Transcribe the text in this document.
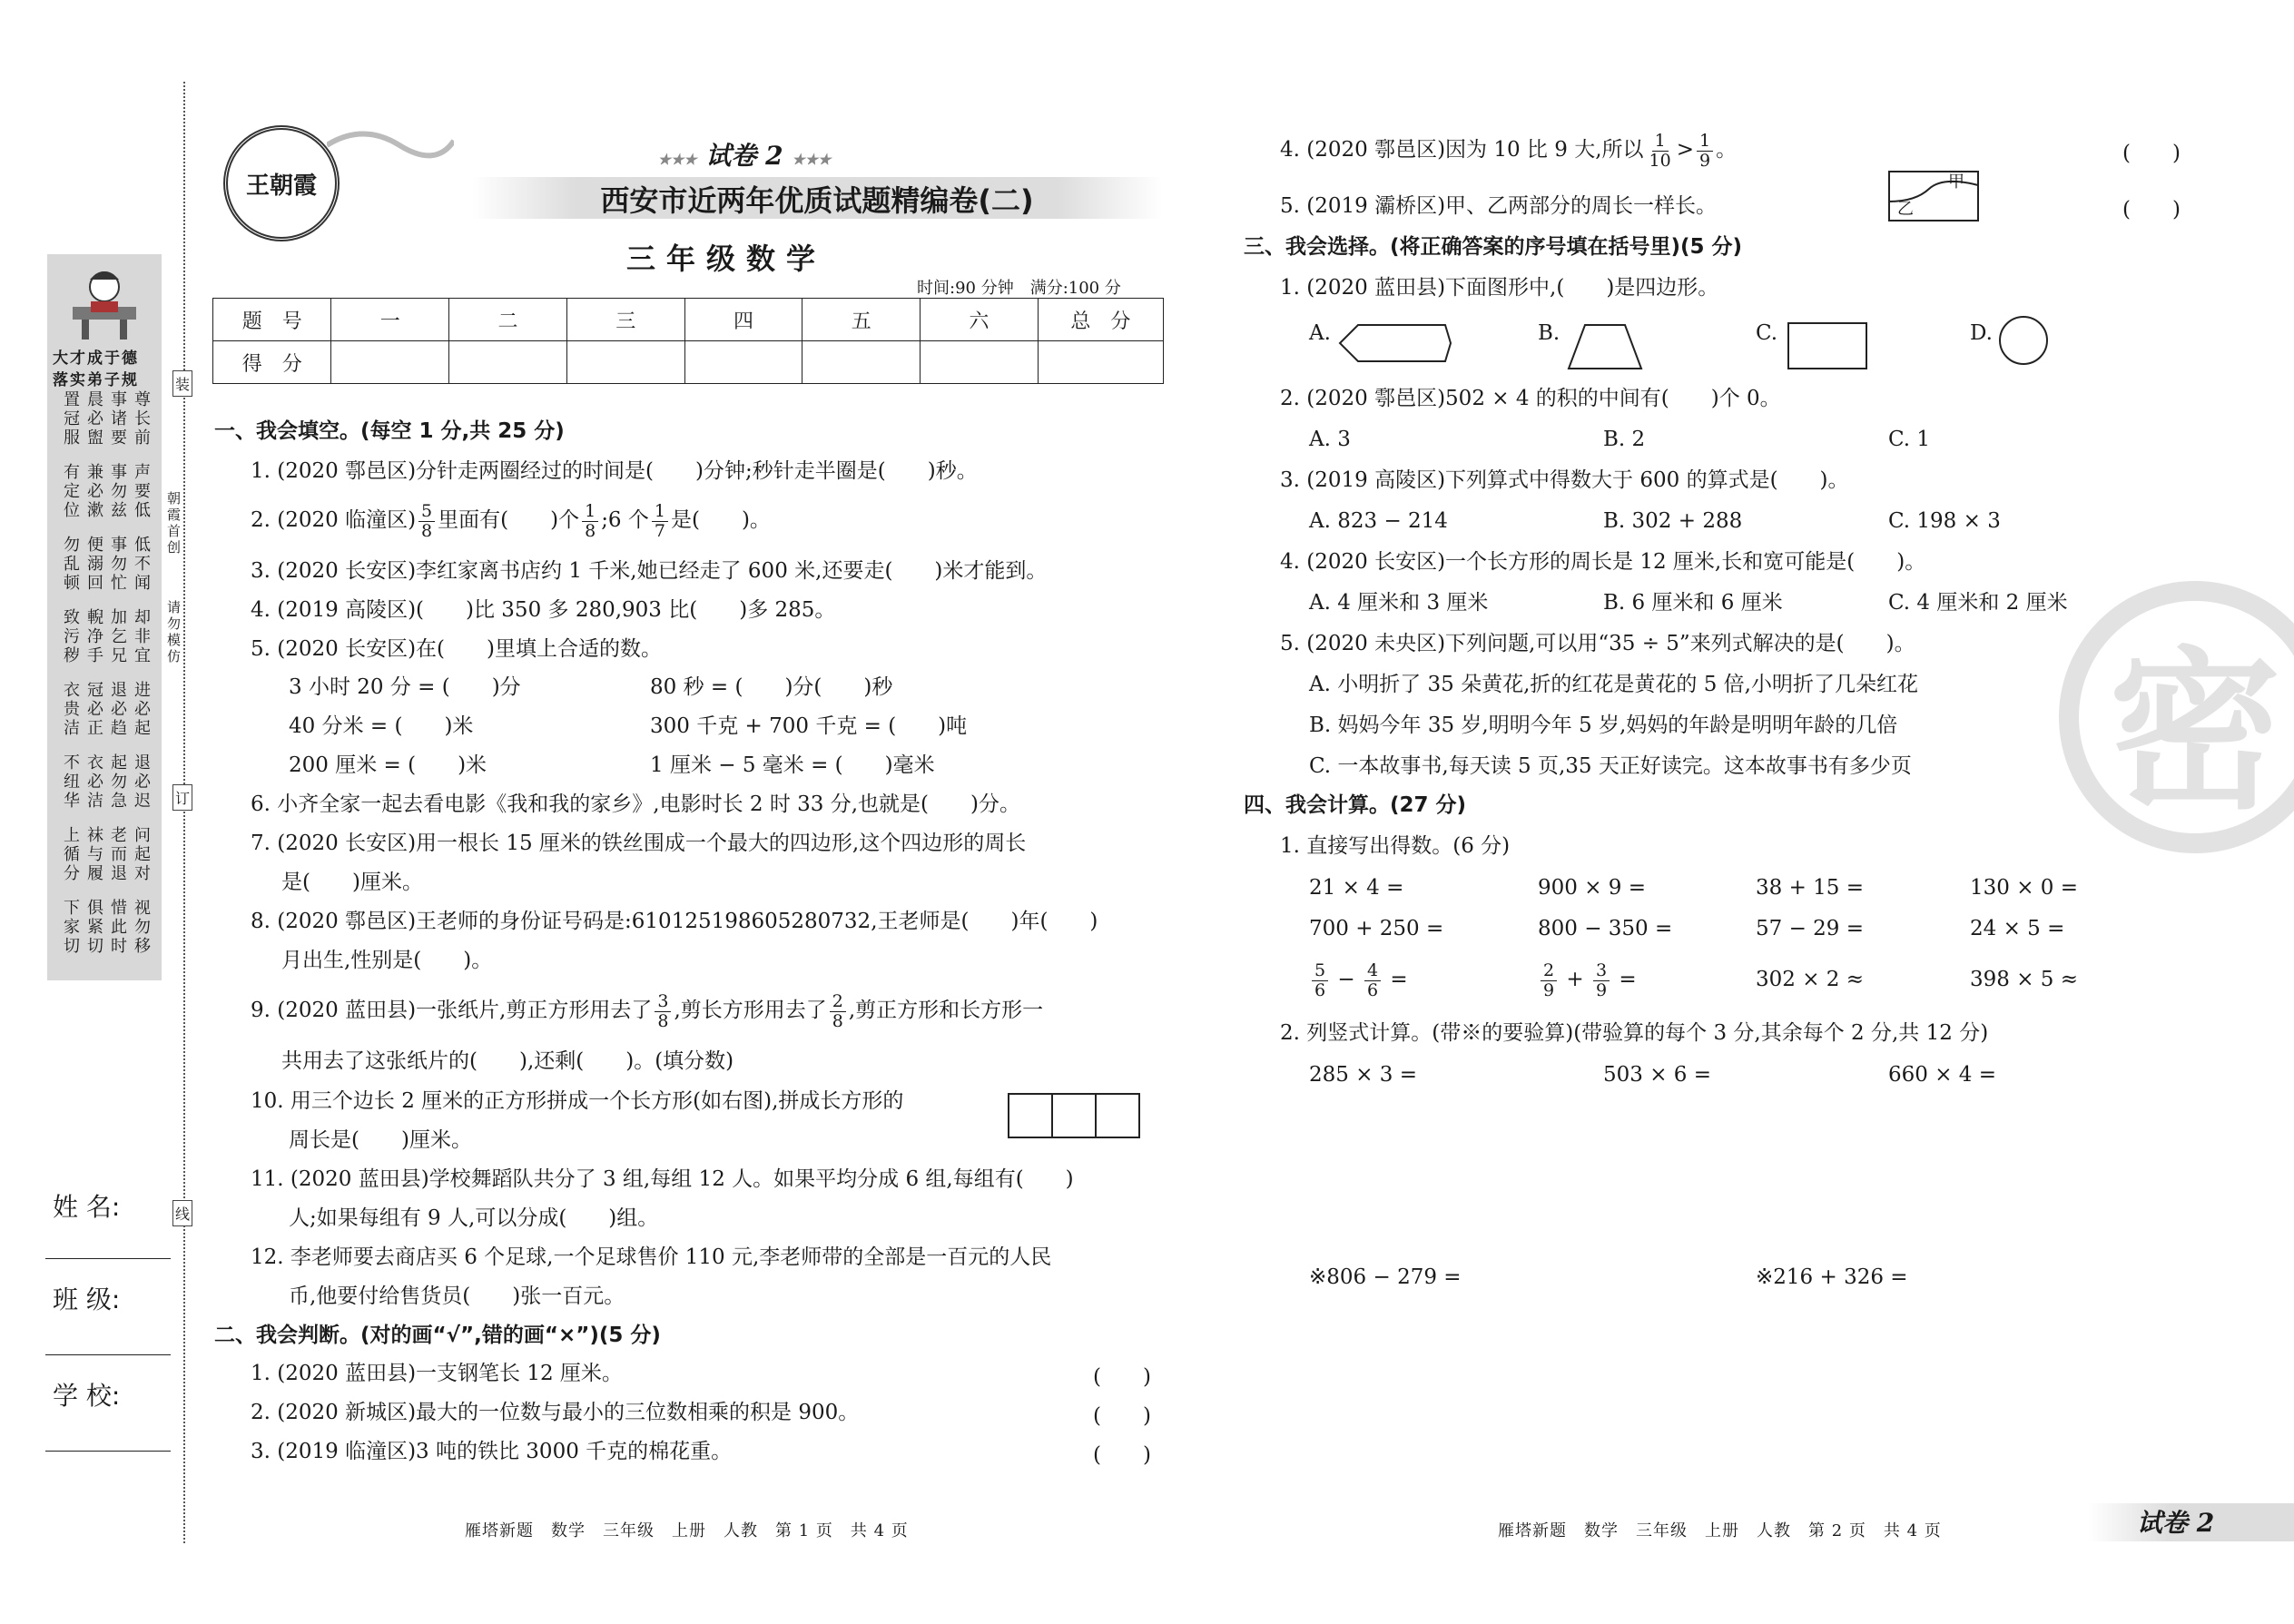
大才成于德
落实弟子规
尊长前
事诸要
晨必盥
置冠服
声要低
事勿兹
兼必漱
有定位
低不闻
事勿忙
便溺回
勿乱顿
却非宜
加乞兄
輗净手
致污秽
进必起
退必趋
冠必正
衣贵洁
退必迟
起勿急
衣必洁
不纽华
问起对
老而退
袜与履
上循分
视勿移
惜此时
俱紧切
下家切
装
朝霞首创
请勿模仿
订
线
姓 名:
班 级:
学 校:
王朝霞
★★★ 试卷 2 ★★★
西安市近两年优质试题精编卷(二)
三年级数学
时间:90 分钟　满分:100 分
题　号	一	二	三	四	五	六	总　分
得　分							
一、我会填空。(每空 1 分,共 25 分)
1. (2020 鄠邑区)分针走两圈经过的时间是(　　)分钟;秒针走半圈是(　　)秒。
2. (2020 临潼区) $\frac{5}{8}$ 里面有(　　)个 $\frac{1}{8}$ ;6 个 $\frac{1}{7}$ 是(　　)。
3. (2020 长安区)李红家离书店约 1 千米,她已经走了 600 米,还要走(　　)米才能到。
4. (2019 高陵区)(　　)比 350 多 280,903 比(　　)多 285。
5. (2020 长安区)在(　　)里填上合适的数。
3 小时 20 分 = (　　)分	80 秒 = (　　)分(　　)秒
40 分米 = (　　)米	300 千克 + 700 千克 = (　　)吨
200 厘米 = (　　)米	1 厘米 − 5 毫米 = (　　)毫米
6. 小齐全家一起去看电影《我和我的家乡》,电影时长 2 时 33 分,也就是(　　)分。
7. (2020 长安区)用一根长 15 厘米的铁丝围成一个最大的四边形,这个四边形的周长
是(　　)厘米。
8. (2020 鄠邑区)王老师的身份证号码是:610125198605280732,王老师是(　　)年(　　)
月出生,性别是(　　)。
9. (2020 蓝田县)一张纸片,剪正方形用去了 $\frac{3}{8}$ ,剪长方形用去了 $\frac{2}{8}$ ,剪正方形和长方形一
共用去了这张纸片的(　　),还剩(　　)。(填分数)
10. 用三个边长 2 厘米的正方形拼成一个长方形(如右图),拼成长方形的
周长是(　　)厘米。
11. (2020 蓝田县)学校舞蹈队共分了 3 组,每组 12 人。如果平均分成 6 组,每组有(　　)
人;如果每组有 9 人,可以分成(　　)组。
12. 李老师要去商店买 6 个足球,一个足球售价 110 元,李老师带的全部是一百元的人民
币,他要付给售货员(　　)张一百元。
二、我会判断。(对的画“√”,错的画“×”)(5 分)
1. (2020 蓝田县)一支钢笔长 12 厘米。	(　　)
2. (2020 新城区)最大的一位数与最小的三位数相乘的积是 900。	(　　)
3. (2019 临潼区)3 吨的铁比 3000 千克的棉花重。	(　　)
4. (2020 鄠邑区)因为 10 比 9 大,所以 $\frac{1}{10} > \frac{1}{9}$ 。	(　　)
5. (2019 灞桥区)甲、乙两部分的周长一样长。
甲
乙	(　　)
三、我会选择。(将正确答案的序号填在括号里)(5 分)
1. (2020 蓝田县)下面图形中,(　　)是四边形。
A.	B.	C.	D.
2. (2020 鄠邑区)502 × 4 的积的中间有(　　)个 0。
A. 3	B. 2	C. 1
3. (2019 高陵区)下列算式中得数大于 600 的算式是(　　)。
A. 823 − 214	B. 302 + 288	C. 198 × 3
4. (2020 长安区)一个长方形的周长是 12 厘米,长和宽可能是(　　)。
A. 4 厘米和 3 厘米	B. 6 厘米和 6 厘米	C. 4 厘米和 2 厘米
5. (2020 未央区)下列问题,可以用“35 ÷ 5”来列式解决的是(　　)。
A. 小明折了 35 朵黄花,折的红花是黄花的 5 倍,小明折了几朵红花
B. 妈妈今年 35 岁,明明今年 5 岁,妈妈的年龄是明明年龄的几倍
C. 一本故事书,每天读 5 页,35 天正好读完。这本故事书有多少页 密
四、我会计算。(27 分)
1. 直接写出得数。(6 分)
21 × 4 =	900 × 9 =	38 + 15 =	130 × 0 =
700 + 250 =	800 − 350 =	57 − 29 =	24 × 5 =
$\frac{5}{6} - \frac{4}{6}$ =	$\frac{2}{9} + \frac{3}{9}$ =	302 × 2 ≈	398 × 5 ≈
2. 列竖式计算。(带※的要验算)(带验算的每个 3 分,其余每个 2 分,共 12 分)
285 × 3 =	503 × 6 =	660 × 4 =
※806 − 279 =	※216 + 326 =
雁塔新题　数学　三年级　上册　人教　第 1 页　共 4 页	雁塔新题　数学　三年级　上册　人教　第 2 页　共 4 页	试卷 2
